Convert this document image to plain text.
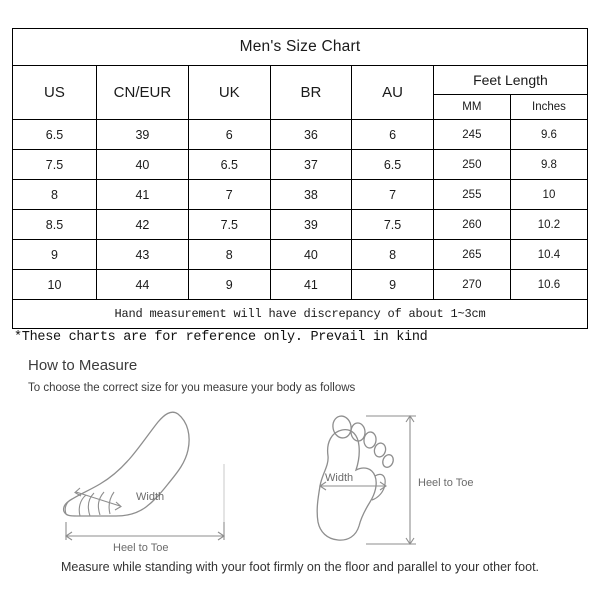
Men's Size Chart						
US	CN/EUR	UK	BR	AU	Feet Length	
					MM	Inches
6.5	39	6	36	6	245	9.6
7.5	40	6.5	37	6.5	250	9.8
8	41	7	38	7	255	10
8.5	42	7.5	39	7.5	260	10.2
9	43	8	40	8	265	10.4
10	44	9	41	9	270	10.6
Hand measurement will have discrepancy of about 1~3cm						
*These charts are for reference only. Prevail in kind
How to Measure
To choose the correct size for you measure your body as follows
Width
Heel to Toe
Width	Heel to Toe
Measure while standing with your foot firmly on the floor and parallel to your other foot.
